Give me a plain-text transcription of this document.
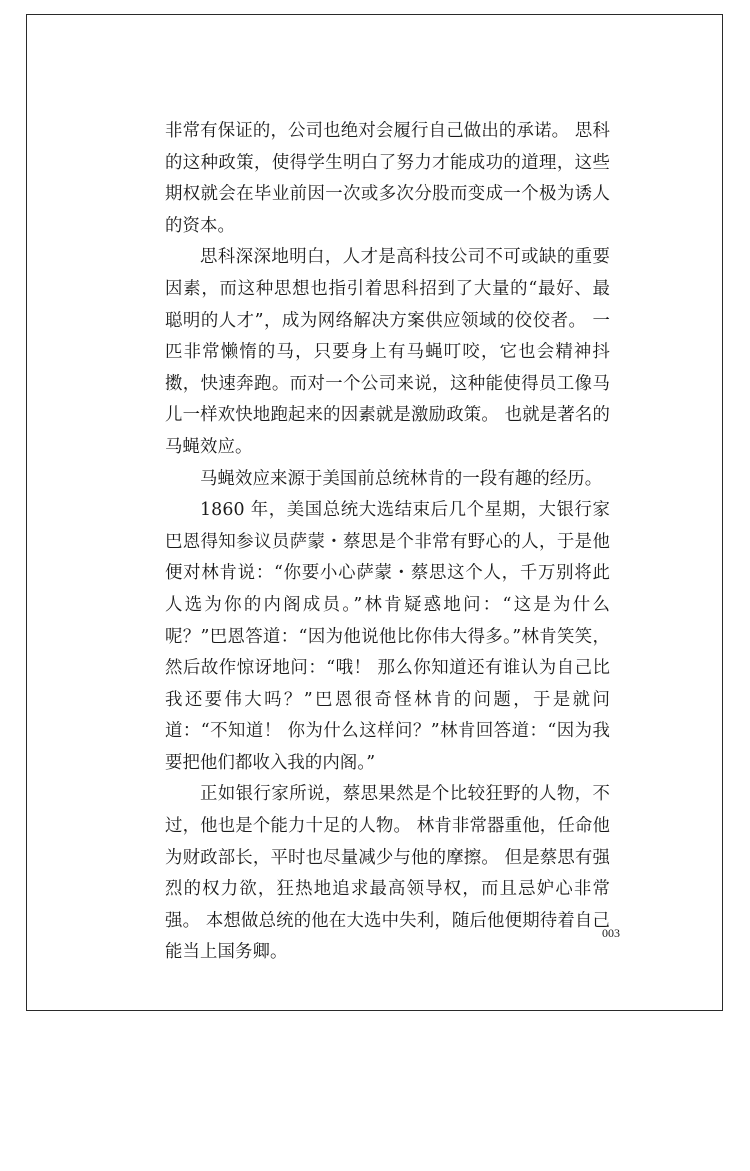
非常有保证的，公司也绝对会履行自己做出的承诺。 思科的这种政策，使得学生明白了努力才能成功的道理，这些期权就会在毕业前因一次或多次分股而变成一个极为诱人的资本。

思科深深地明白，人才是高科技公司不可或缺的重要因素，而这种思想也指引着思科招到了大量的“最好、最聪明的人才”，成为网络解决方案供应领域的佼佼者。 一匹非常懒惰的马，只要身上有马蝇叮咬，它也会精神抖擞，快速奔跑。而对一个公司来说，这种能使得员工像马儿一样欢快地跑起来的因素就是激励政策。 也就是著名的马蝇效应。

马蝇效应来源于美国前总统林肯的一段有趣的经历。

1860 年，美国总统大选结束后几个星期，大银行家巴恩得知参议员萨蒙・蔡思是个非常有野心的人，于是他便对林肯说：“你要小心萨蒙・蔡思这个人，千万别将此人选为你的内阁成员。”林肯疑惑地问：“这是为什么呢？”巴恩答道：“因为他说他比你伟大得多。”林肯笑笑，然后故作惊讶地问：“哦！ 那么你知道还有谁认为自己比我还要伟大吗？”巴恩很奇怪林肯的问题，于是就问道：“不知道！ 你为什么这样问？”林肯回答道：“因为我要把他们都收入我的内阁。”

正如银行家所说，蔡思果然是个比较狂野的人物，不过，他也是个能力十足的人物。 林肯非常器重他，任命他为财政部长，平时也尽量减少与他的摩擦。 但是蔡思有强烈的权力欲，狂热地追求最高领导权，而且忌妒心非常强。 本想做总统的他在大选中失利，随后他便期待着自己能当上国务卿。

003
